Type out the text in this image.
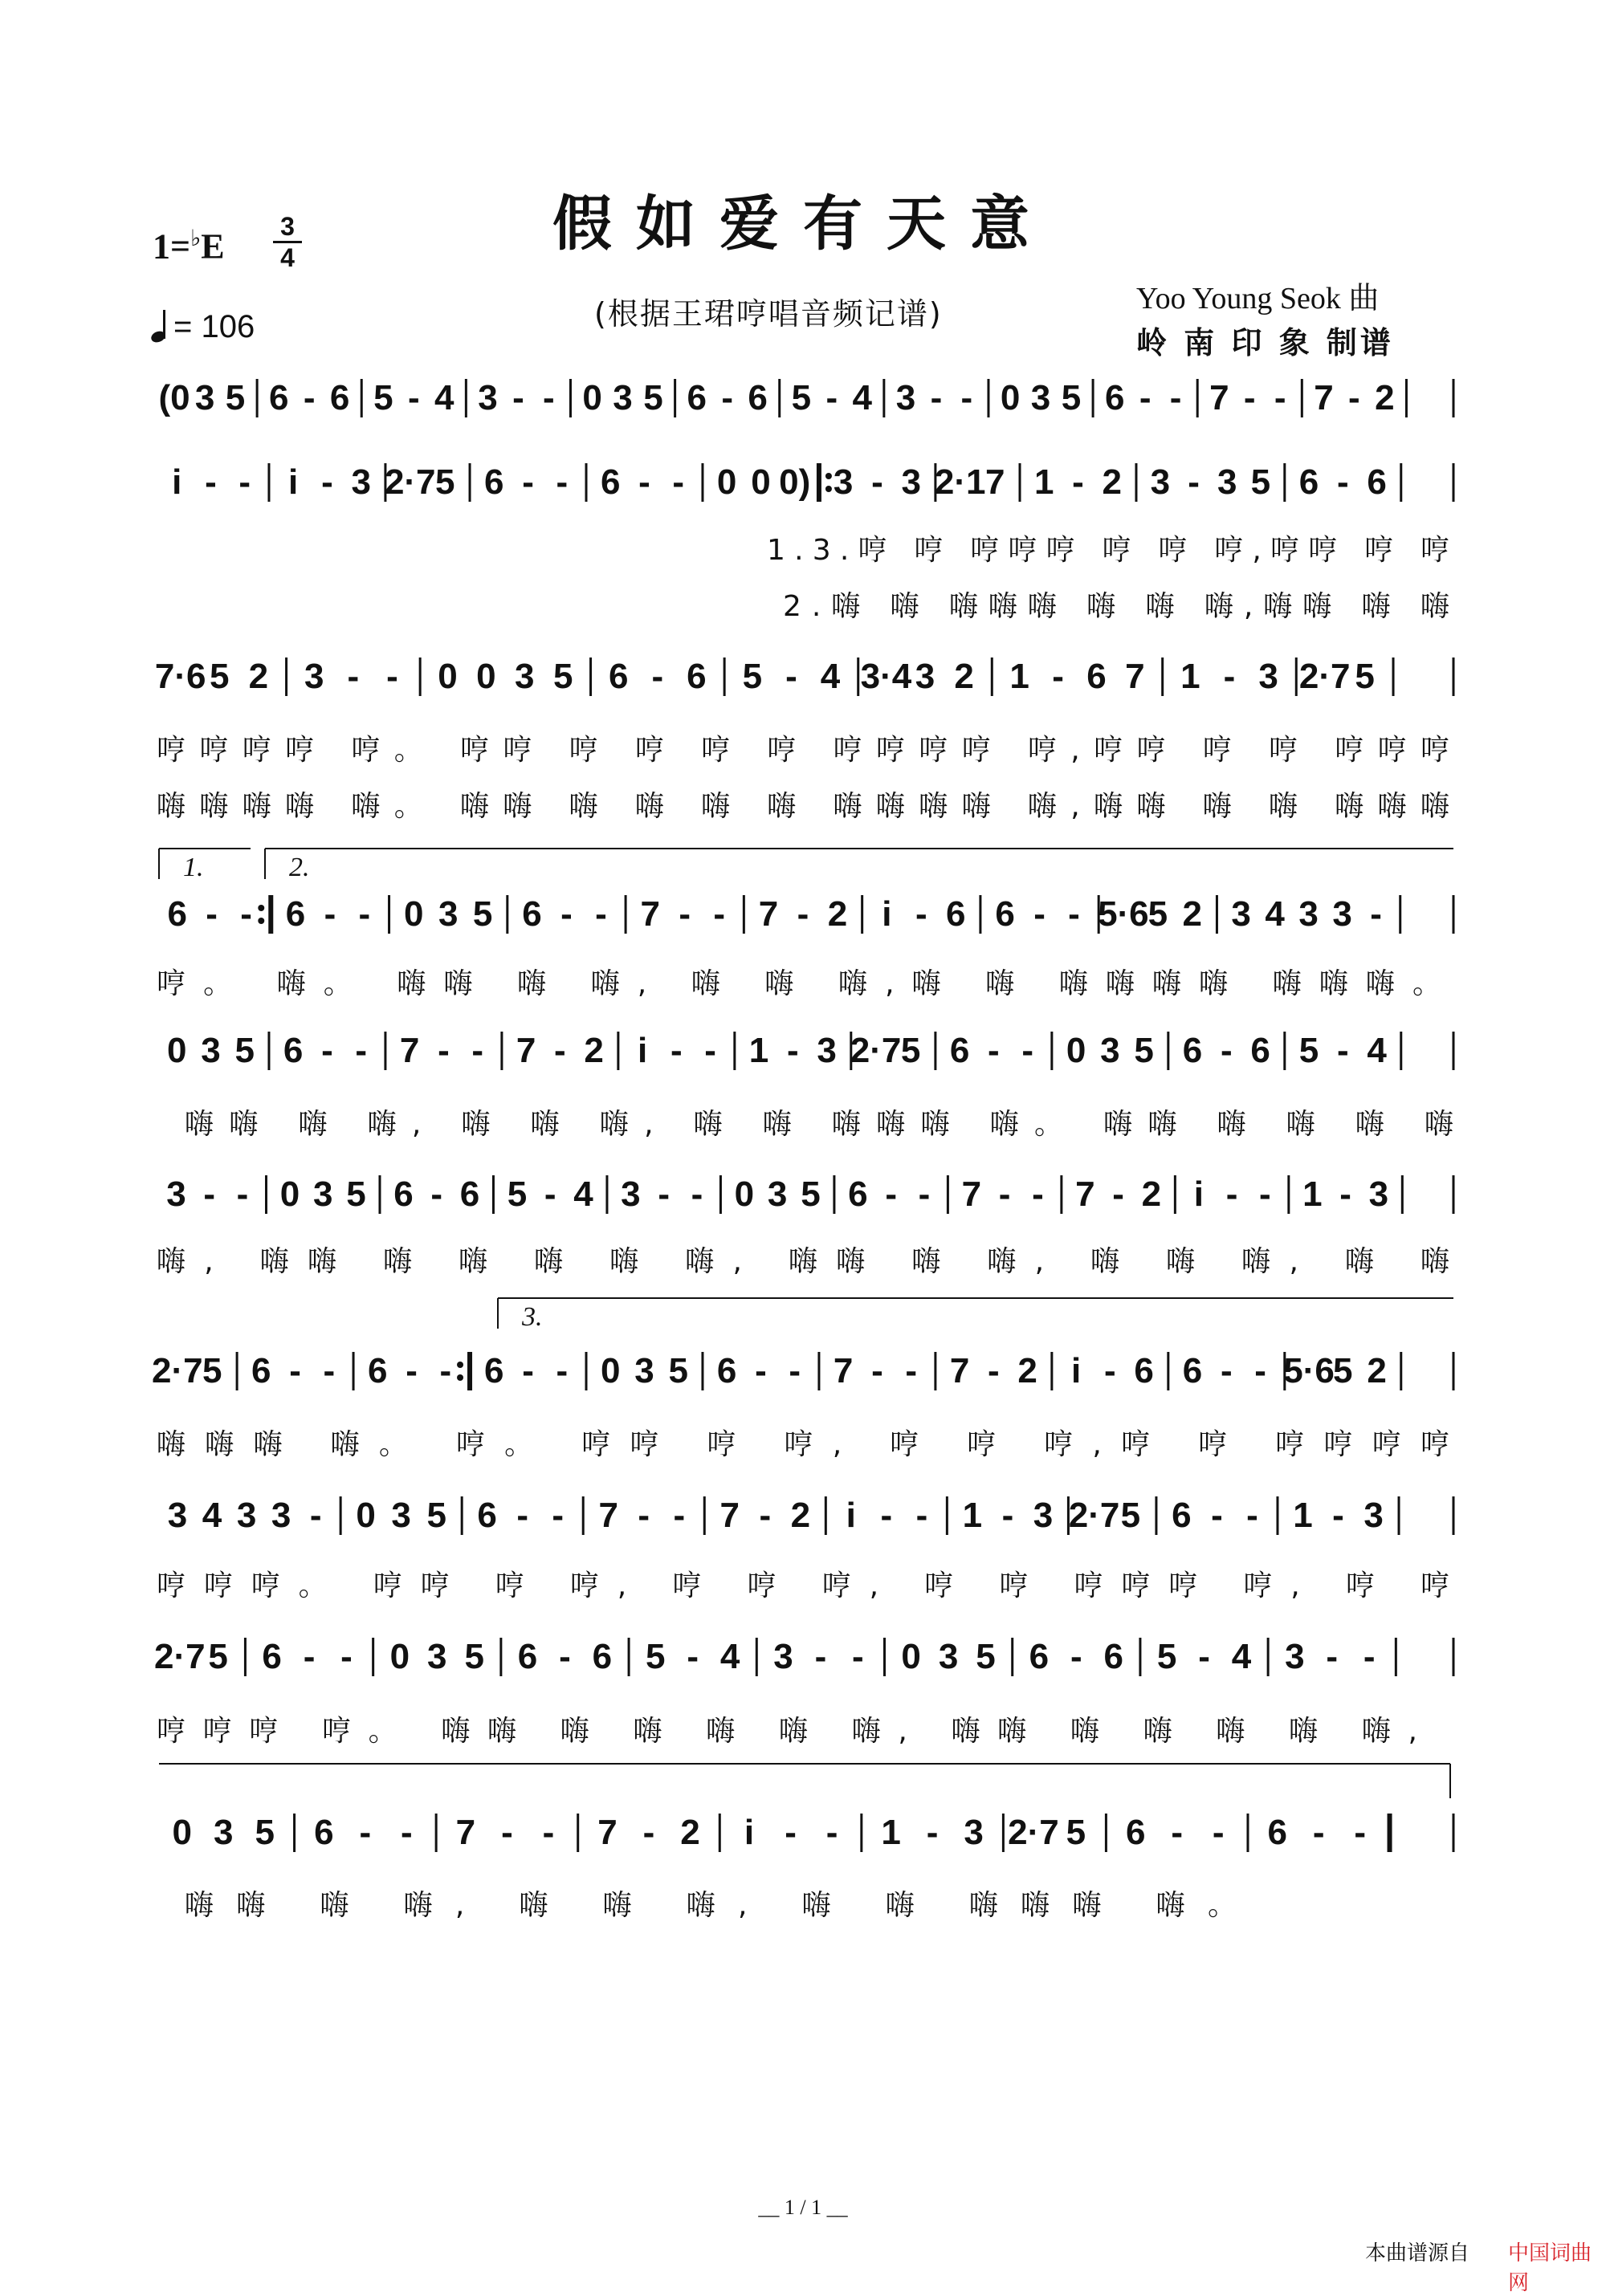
假如爱有天意
1=♭E
3
4
= 106	(根据王珺哼唱音频记谱)	Yoo Young Seok 曲
岭 南 印 象 制谱
(0 3 5 6 - 6 5 - 4 3 - - 0 3 5 6 - 6 5 - 4 3 - - 0 3 5 6 - - 7 - - 7 - 2
i - - i - 3 2·7 5 6 - - 6 - - 0 0 0) 3 - 3 2·1 7 1 - 2 3 - 3 5 6 - 6
7·6 5 2 3 - - 0 0 3 5 6 - 6 5 - 4 3·4 3 2 1 - 6 7 1 - 3 2·7 5
6 - - 6 - - 0 3 5 6 - - 7 - - 7 - 2 i - 6 6 - - 5·6
5 2 3 4 3 3 -
0 3 5 6 - - 7 - - 7 - 2 i - - 1 - 3 2·7 5 6 - - 0 3 5 6 - 6 5 - 4
3 - - 0 3 5 6 - 6 5 - 4 3 - - 0 3 5 6 - - 7 - - 7 - 2 i - - 1 - 3
2·7 5 6 - - 6 - - 6 - - 0 3 5 6 - - 7 - - 7 - 2 i - 6 6 - - 5·6
5 2
3 4 3 3 - 0 3 5 6 - - 7 - - 7 - 2 i - - 1 - 3 2·7 5 6 - - 1 - 3
2·7 5 6 - - 0 3 5 6 - 6 5 - 4 3 - - 0 3 5 6 - 6 5 - 4 3 - -
0 3 5 6 - - 7 - - 7 - 2 i - - 1 - 3 2·7 5 6 - - 6 - -
1.3.哼 哼 哼哼哼 哼 哼 哼,哼哼 哼 哼
2.嗨 嗨 嗨嗨嗨 嗨 嗨 嗨,嗨嗨 嗨 嗨
哼哼哼哼 哼。 哼哼 哼 哼 哼 哼 哼哼哼哼 哼,哼哼 哼 哼 哼哼哼
嗨嗨嗨嗨 嗨。 嗨嗨 嗨 嗨 嗨 嗨 嗨嗨嗨嗨 嗨,嗨嗨 嗨 嗨 嗨嗨嗨
哼。 嗨。 嗨嗨 嗨 嗨, 嗨 嗨 嗨,嗨 嗨 嗨嗨嗨嗨 嗨嗨嗨。
嗨嗨 嗨 嗨, 嗨 嗨 嗨, 嗨 嗨 嗨嗨嗨 嗨。 嗨嗨 嗨 嗨 嗨 嗨
嗨, 嗨嗨 嗨 嗨 嗨 嗨 嗨, 嗨嗨 嗨 嗨, 嗨 嗨 嗨, 嗨 嗨
嗨嗨嗨 嗨。 哼。 哼哼 哼 哼, 哼 哼 哼,哼 哼 哼哼哼哼
哼哼哼。 哼哼 哼 哼, 哼 哼 哼, 哼 哼 哼哼哼 哼, 哼 哼
哼哼哼 哼。 嗨嗨 嗨 嗨 嗨 嗨 嗨, 嗨嗨 嗨 嗨 嗨 嗨 嗨,
嗨嗨 嗨 嗨, 嗨 嗨 嗨, 嗨 嗨 嗨嗨嗨 嗨。
1.	2.
3.
__ 1 / 1 __
本曲谱源自 中国词曲网
